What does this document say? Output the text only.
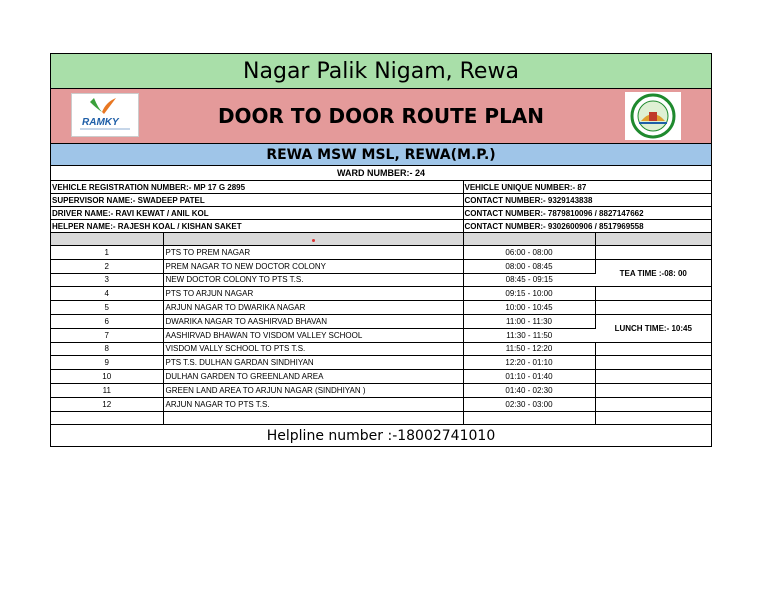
Nagar Palik Nigam, Rewa
RAMKY	DOOR TO DOOR ROUTE PLAN
REWA MSW MSL, REWA(M.P.)
WARD NUMBER:- 24
VEHICLE REGISTRATION NUMBER:- MP 17 G 2895	VEHICLE UNIQUE NUMBER:- 87
SUPERVISOR NAME:- SWADEEP PATEL	CONTACT NUMBER:- 9329143838
DRIVER NAME:- RAVI KEWAT / ANIL KOL	CONTACT NUMBER:- 7879810096 / 8827147662
HELPER NAME:- RAJESH KOAL / KISHAN SAKET	CONTACT NUMBER:- 9302600906 / 8517969558

1	PTS TO PREM NAGAR	06:00 - 08:00	
2	PREM NAGAR TO NEW DOCTOR COLONY	08:00 - 08:45	TEA TIME :-08: 00
3	NEW DOCTOR COLONY TO PTS T.S.	08:45 - 09:15	
4	PTS TO ARJUN NAGAR	09:15 - 10:00	
5	ARJUN NAGAR TO DWARIKA NAGAR	10:00 - 10:45	
6	DWARIKA NAGAR TO AASHIRVAD BHAVAN	11:00 - 11:30	LUNCH TIME:- 10:45
7	AASHIRVAD BHAWAN TO VISDOM VALLEY SCHOOL	11:30 - 11:50	
8	VISDOM VALLY SCHOOL TO PTS T.S.	11:50 - 12:20	
9	PTS T.S. DULHAN GARDAN SINDHIYAN	12:20 - 01:10	
10	DULHAN GARDEN TO GREENLAND AREA	01:10 - 01:40	
11	GREEN LAND AREA TO ARJUN NAGAR (SINDHIYAN )	01:40 - 02:30	
12	ARJUN NAGAR TO PTS T.S.	02:30 - 03:00	

Helpline number :-18002741010
